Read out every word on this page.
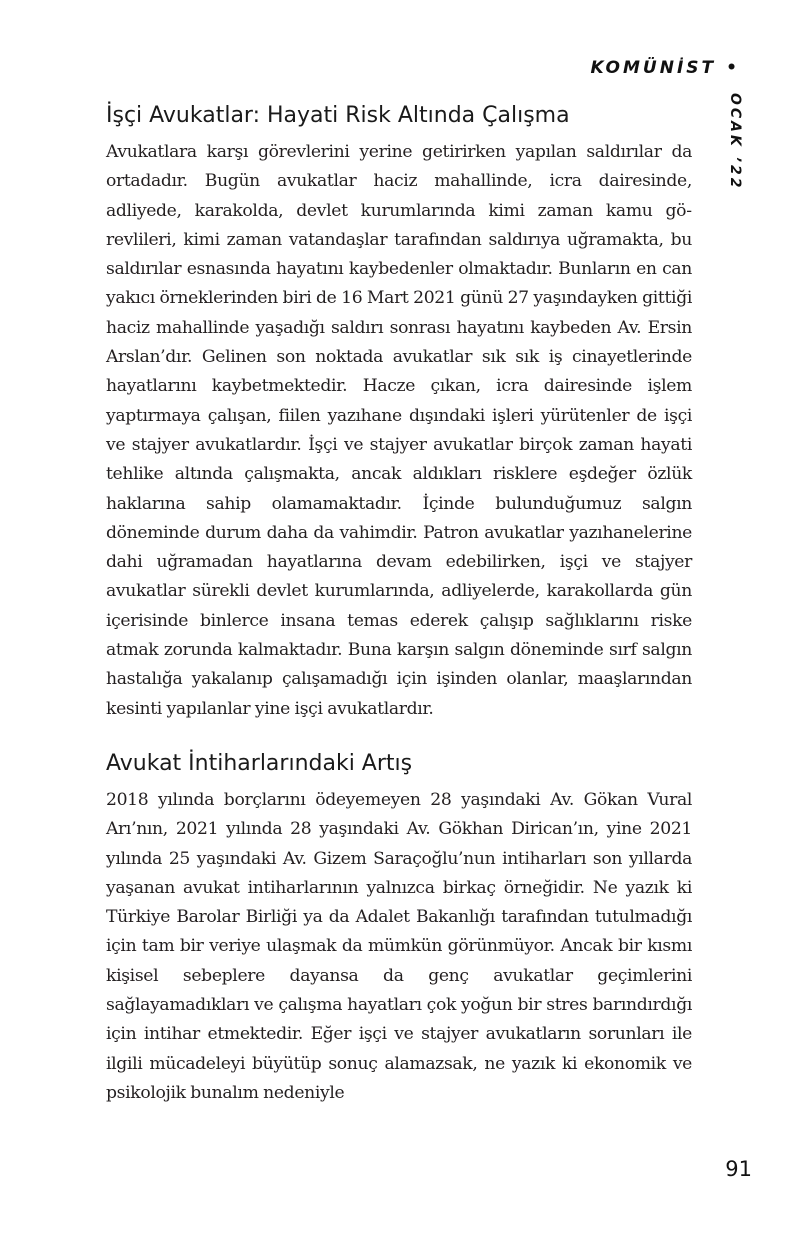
KOMÜNİST •
OCAK ’22
İşçi Avukatlar: Hayati Risk Altında Çalışma

Avukatlara karşı görevlerini yerine getirirken yapılan saldırılar da ortadadır. Bugün avukatlar haciz mahallinde, icra dairesinde, adliyede, karakolda, devlet kurumlarında kimi zaman kamu görevlileri, kimi zaman vatandaşlar tarafından saldırıya uğramakta, bu saldırılar esnasında hayatını kaybedenler olmaktadır. Bunların en can yakıcı örneklerinden biri de 16 Mart 2021 günü 27 yaşındayken gittiği haciz mahallinde yaşadığı saldırı sonrası hayatını kaybeden Av. Ersin Arslan’dır. Gelinen son noktada avukatlar sık sık iş cinayetlerinde hayatlarını kaybetmektedir. Hacze çıkan, icra dairesinde işlem yaptırmaya çalışan, fiilen yazıhane dışındaki işleri yürütenler de işçi ve stajyer avukatlardır. İşçi ve stajyer avukatlar birçok zaman hayati tehlike altında çalışmakta, ancak aldıkları risklere eşdeğer özlük haklarına sahip olamamaktadır. İçinde bulunduğumuz salgın döneminde durum daha da vahimdir. Patron avukatlar yazıhanelerine dahi uğramadan hayatlarına devam edebilirken, işçi ve stajyer avukatlar sürekli devlet kurumlarında, adliyelerde, karakollarda gün içerisinde binlerce insana temas ederek çalışıp sağlıklarını riske atmak zorunda kalmaktadır. Buna karşın salgın döneminde sırf salgın hastalığa yakalanıp çalışamadığı için işinden olanlar, maaşlarından kesinti yapılanlar yine işçi avukatlardır.

Avukat İntiharlarındaki Artış

2018 yılında borçlarını ödeyemeyen 28 yaşındaki Av. Gökan Vural Arı’nın, 2021 yılında 28 yaşındaki Av. Gökhan Dirican’ın, yine 2021 yılında 25 yaşındaki Av. Gizem Saraçoğlu’nun intiharları son yıllarda yaşanan avukat intiharlarının yalnızca birkaç örneğidir. Ne yazık ki Türkiye Barolar Birliği ya da Adalet Bakanlığı tarafından tutulmadığı için tam bir veriye ulaşmak da mümkün görünmüyor. Ancak bir kısmı kişisel sebeplere dayansa da genç avukatlar geçimlerini sağlayamadıkları ve çalışma hayatları çok yoğun bir stres barındırdığı için intihar etmektedir. Eğer işçi ve stajyer avukatların sorunları ile ilgili mücadeleyi büyütüp sonuç alamazsak, ne yazık ki ekonomik ve psikolojik bunalım nedeniyle

91
